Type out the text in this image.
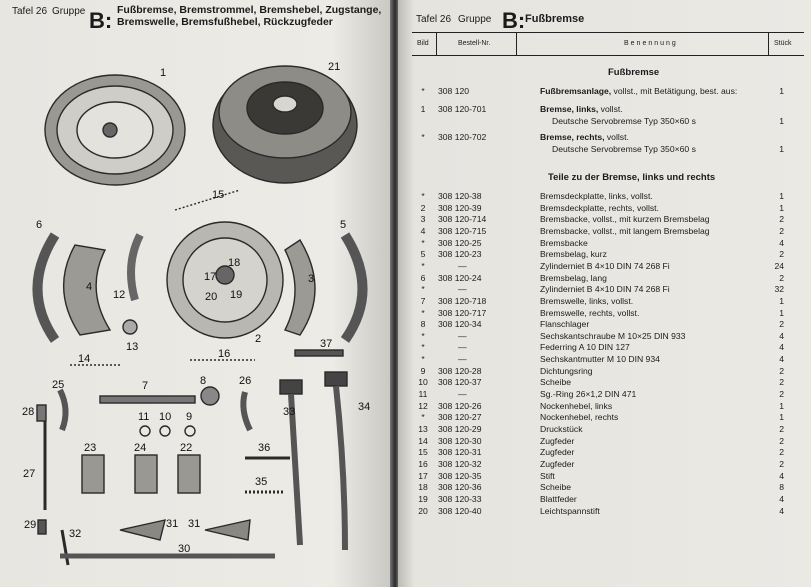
Tafel 26 Gruppe B: Fußbremse, Bremstrommel, Bremshebel, Zugstange,
Bremswelle, Bremsfußhebel, Rückzugfeder
1	21
15
6	5
4
12
18
17	3
20 19
13
2
14	16
37
25	7	8	26
28	11 10 9	33	34
27
23	24	22	36
35
29
32
31 31
30
Tafel 26 Gruppe B: Fußbremse
Bild	Bestell-Nr.	Benennung	Stück
Fußbremse
*	308 120	Fußbremsanlage, vollst., mit Betätigung, best. aus:	1
1	308 120-701	Bremse, links, vollst.
Deutsche Servobremse Typ 350×60 s	1
*	308 120-702	Bremse, rechts, vollst.
Deutsche Servobremse Typ 350×60 s	1
Teile zu der Bremse, links und rechts
*	308 120-38	Bremsdeckplatte, links, vollst.	1
2	308 120-39	Bremsdeckplatte, rechts, vollst.	1
3	308 120-714	Bremsbacke, vollst., mit kurzem Bremsbelag	2
4	308 120-715	Bremsbacke, vollst., mit langem Bremsbelag	2
*	308 120-25	Bremsbacke	4
5	308 120-23	Bremsbelag, kurz	2
*	—	Zylinderniet B 4×10 DIN 74 268 Fi	24
6	308 120-24	Bremsbelag, lang	2
*	—	Zylinderniet B 4×10 DIN 74 268 Fi	32
7	308 120-718	Bremswelle, links, vollst.	1
*	308 120-717	Bremswelle, rechts, vollst.	1
8	308 120-34	Flanschlager	2
*	—	Sechskantschraube M 10×25 DIN 933	4
*	—	Federring A 10 DIN 127	4
*	—	Sechskantmutter M 10 DIN 934	4
9	308 120-28	Dichtungsring	2
10	308 120-37	Scheibe	2
11	—	Sg.-Ring 26×1,2 DIN 471	2
12	308 120-26	Nockenhebel, links	1
*	308 120-27	Nockenhebel, rechts	1
13	308 120-29	Druckstück	2
14	308 120-30	Zugfeder	2
15	308 120-31	Zugfeder	2
16	308 120-32	Zugfeder	2
17	308 120-35	Stift	4
18	308 120-36	Scheibe	8
19	308 120-33	Blattfeder	4
20	308 120-40	Leichtspannstift	4
